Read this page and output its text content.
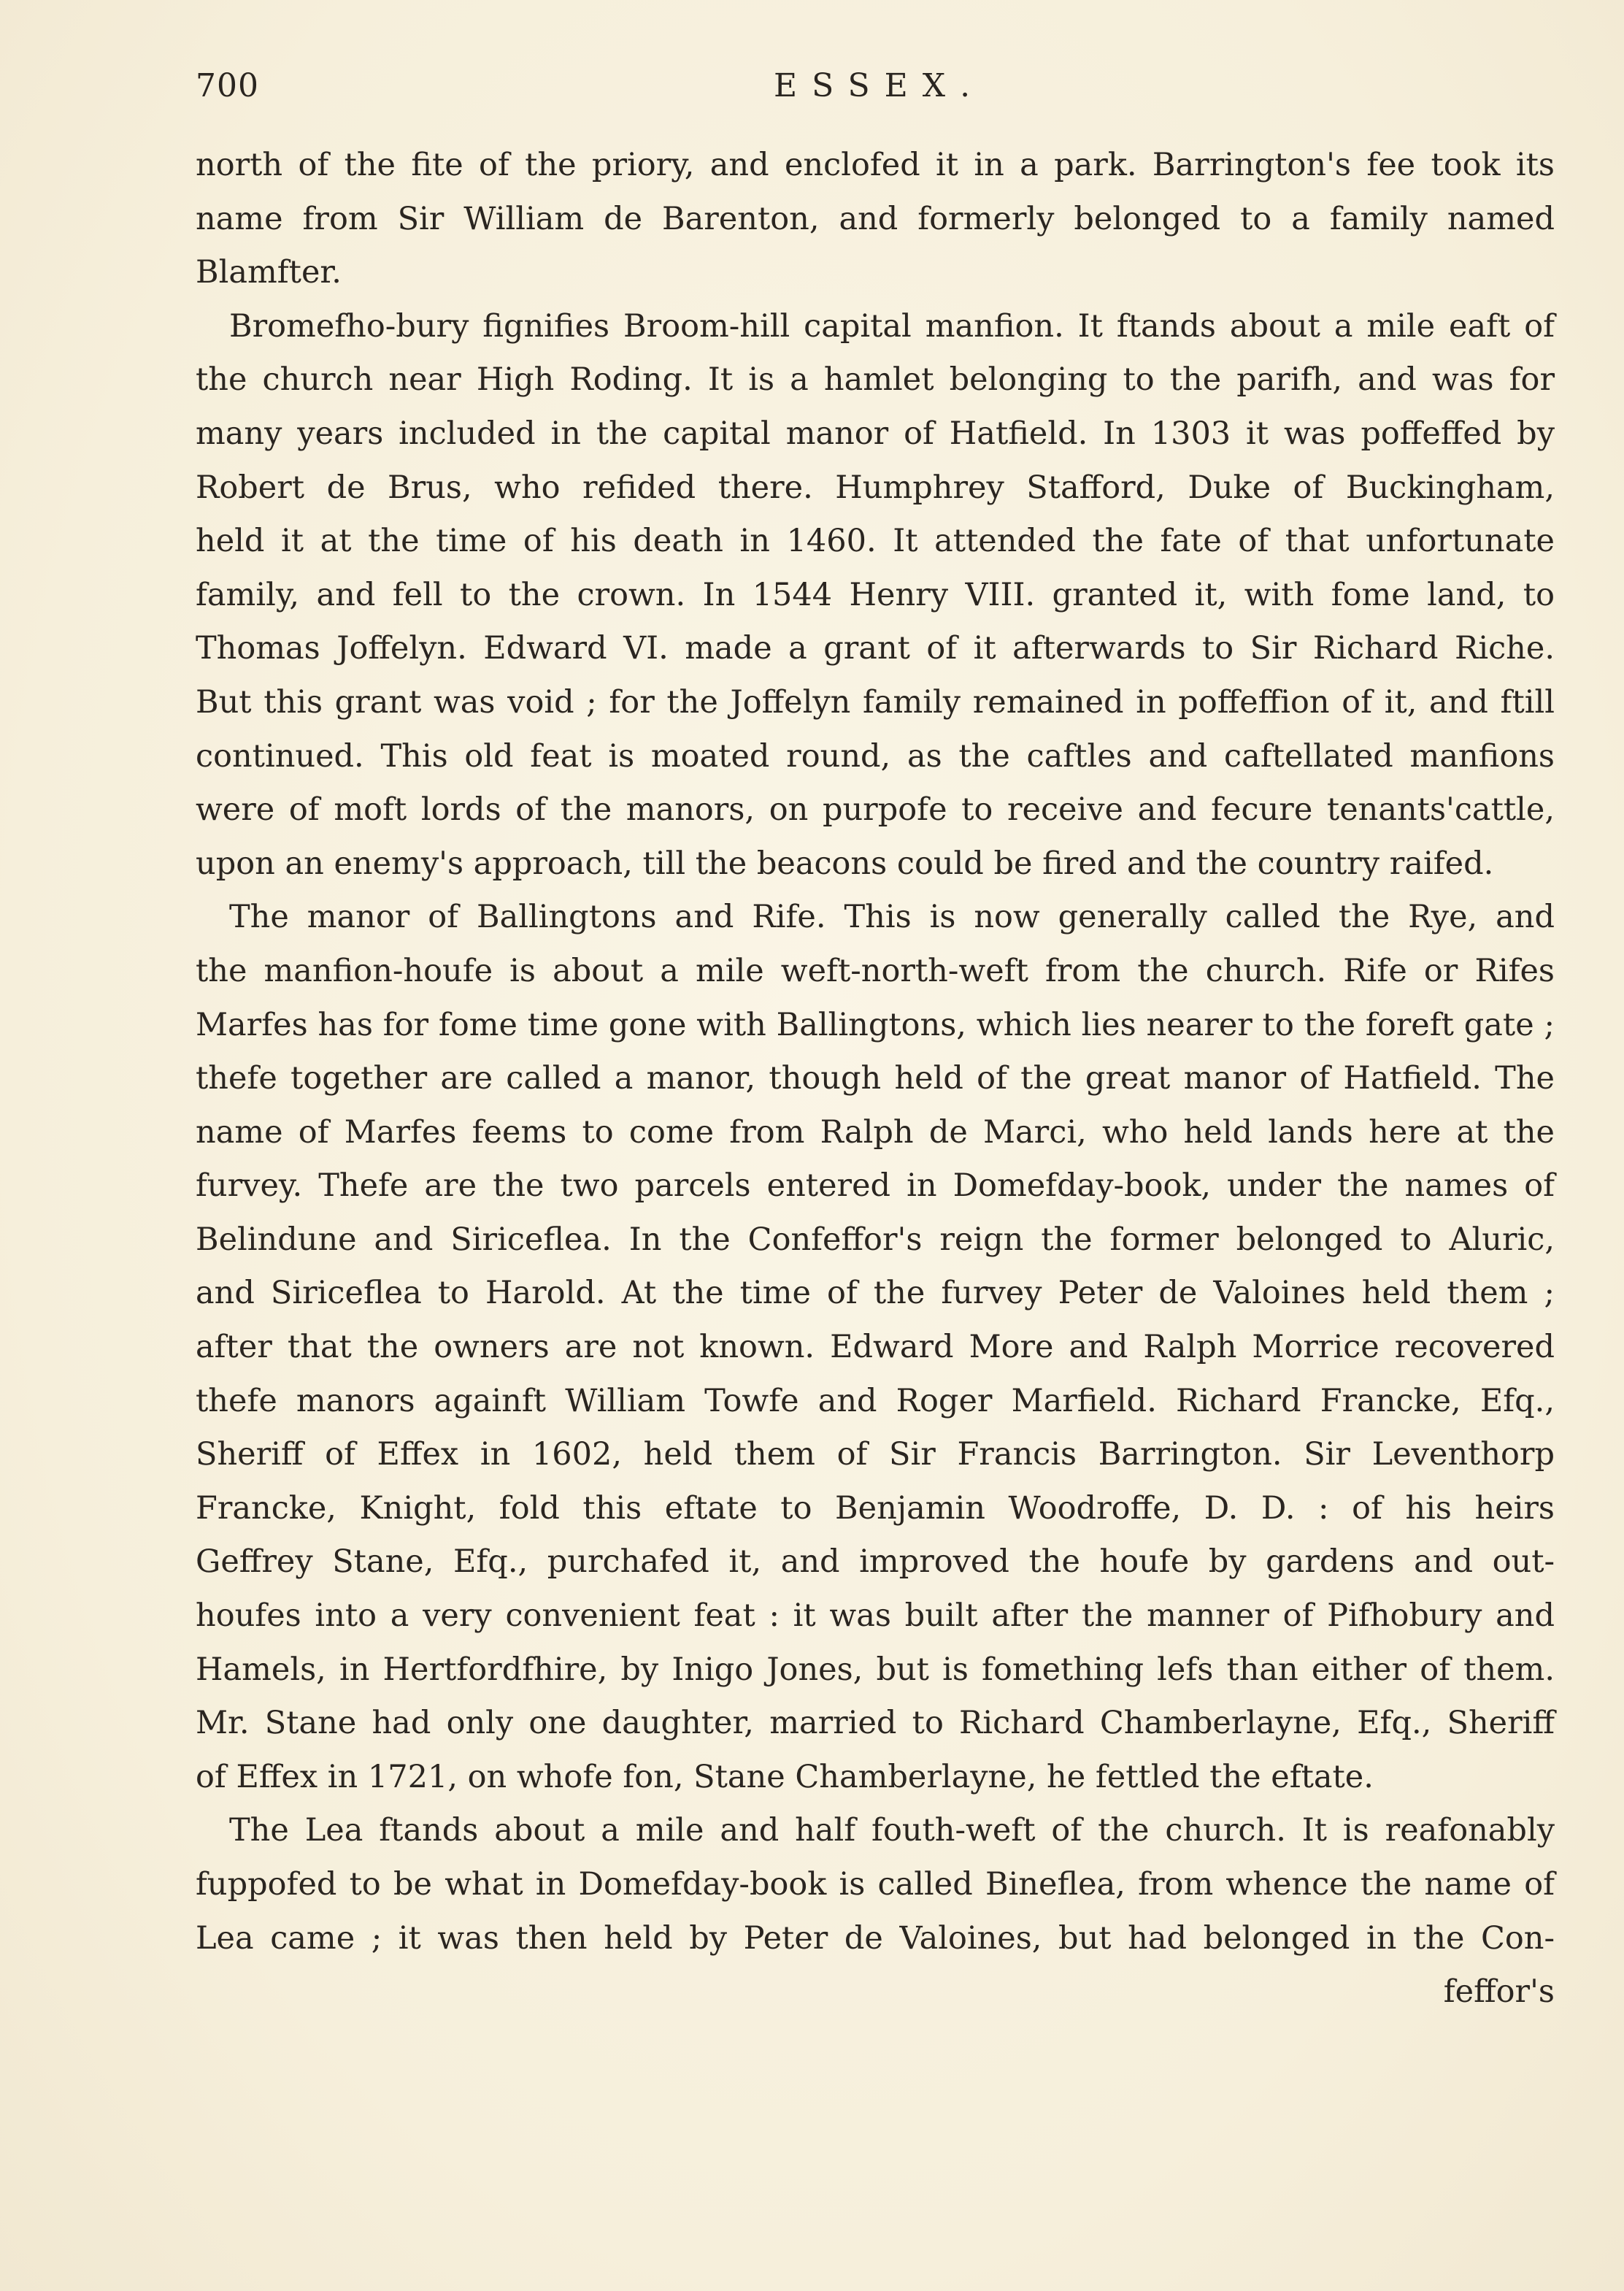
700	ESSEX.
north of the fite of the priory, and enclofed it in a park. Barrington's fee took its
name from Sir William de Barenton, and formerly belonged to a family named
Blamfter.
Bromefho-bury fignifies Broom-hill capital manfion. It ftands about a mile eaft of
the church near High Roding. It is a hamlet belonging to the parifh, and was for
many years included in the capital manor of Hatfield. In 1303 it was poffeffed by
Robert de Brus, who refided there. Humphrey Stafford, Duke of Buckingham,
held it at the time of his death in 1460. It attended the fate of that unfortunate
family, and fell to the crown. In 1544 Henry VIII. granted it, with fome land, to
Thomas Joffelyn. Edward VI. made a grant of it afterwards to Sir Richard Riche.
But this grant was void ; for the Joffelyn family remained in poffeffion of it, and ftill
continued. This old feat is moated round, as the caftles and caftellated manfions
were of moft lords of the manors, on purpofe to receive and fecure tenants'cattle,
upon an enemy's approach, till the beacons could be fired and the country raifed.
The manor of Ballingtons and Rife. This is now generally called the Rye, and
the manfion-houfe is about a mile weft-north-weft from the church. Rife or Rifes
Marfes has for fome time gone with Ballingtons, which lies nearer to the foreft gate ;
thefe together are called a manor, though held of the great manor of Hatfield. The
name of Marfes feems to come from Ralph de Marci, who held lands here at the
furvey. Thefe are the two parcels entered in Domefday-book, under the names of
Belindune and Siriceflea. In the Confeffor's reign the former belonged to Aluric,
and Siriceflea to Harold. At the time of the furvey Peter de Valoines held them ;
after that the owners are not known. Edward More and Ralph Morrice recovered
thefe manors againft William Towfe and Roger Marfield. Richard Francke, Efq.,
Sheriff of Effex in 1602, held them of Sir Francis Barrington. Sir Leventhorp
Francke, Knight, fold this eftate to Benjamin Woodroffe, D. D. : of his heirs
Geffrey Stane, Efq., purchafed it, and improved the houfe by gardens and out-
houfes into a very convenient feat : it was built after the manner of Pifhobury and
Hamels, in Hertfordfhire, by Inigo Jones, but is fomething lefs than either of them.
Mr. Stane had only one daughter, married to Richard Chamberlayne, Efq., Sheriff
of Effex in 1721, on whofe fon, Stane Chamberlayne, he fettled the eftate.
The Lea ftands about a mile and half fouth-weft of the church. It is reafonably
fuppofed to be what in Domefday-book is called Bineflea, from whence the name of
Lea came ; it was then held by Peter de Valoines, but had belonged in the Con-
feffor's
